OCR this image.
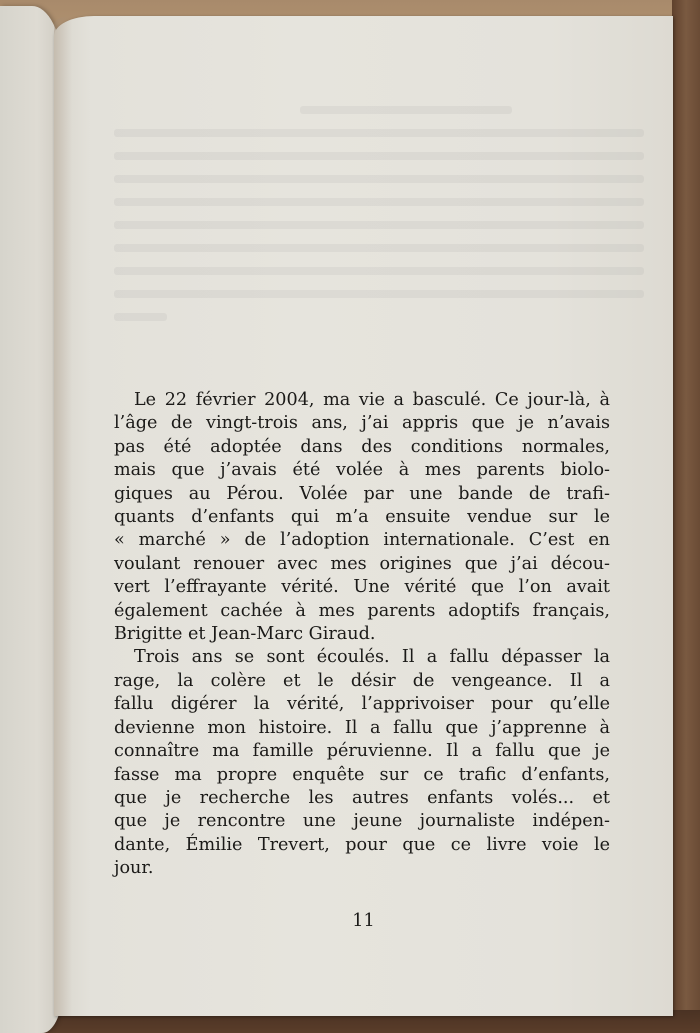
Le 22 février 2004, ma vie a basculé. Ce jour-là, à
l’âge de vingt-trois ans, j’ai appris que je n’avais
pas été adoptée dans des conditions normales,
mais que j’avais été volée à mes parents biolo-
giques au Pérou. Volée par une bande de trafi-
quants d’enfants qui m’a ensuite vendue sur le
« marché » de l’adoption internationale. C’est en
voulant renouer avec mes origines que j’ai décou-
vert l’effrayante vérité. Une vérité que l’on avait
également cachée à mes parents adoptifs français,
Brigitte et Jean-Marc Giraud.
Trois ans se sont écoulés. Il a fallu dépasser la
rage, la colère et le désir de vengeance. Il a
fallu digérer la vérité, l’apprivoiser pour qu’elle
devienne mon histoire. Il a fallu que j’apprenne à
connaître ma famille péruvienne. Il a fallu que je
fasse ma propre enquête sur ce trafic d’enfants,
que je recherche les autres enfants volés... et
que je rencontre une jeune journaliste indépen-
dante, Émilie Trevert, pour que ce livre voie le
jour.
11
